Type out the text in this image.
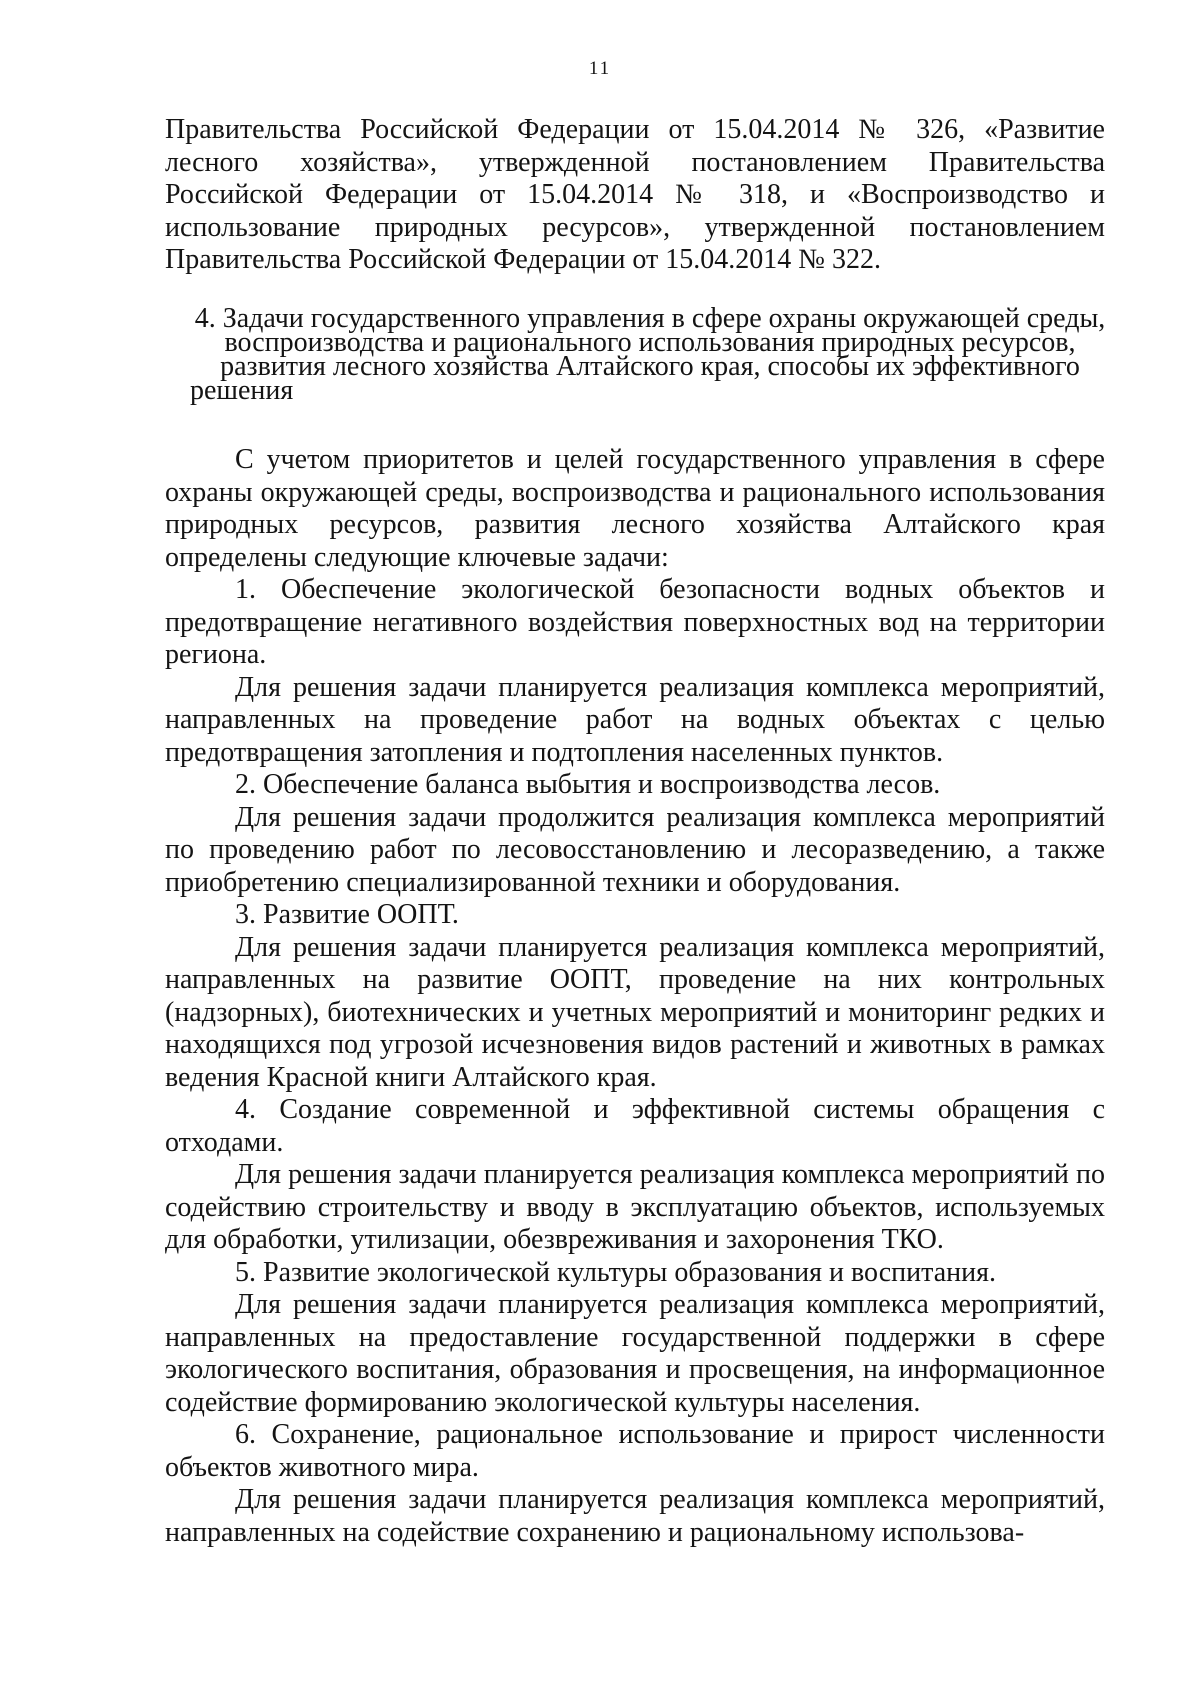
11

Правительства Российской Федерации от 15.04.2014 № 326, «Развитие лесного хозяйства», утвержденной постановлением Правительства Российской Федерации от 15.04.2014 № 318, и «Воспроизводство и использование природных ресурсов», утвержденной постановлением Правительства Российской Федерации от 15.04.2014 № 322.

4. Задачи государственного управления в сфере охраны окружающей среды, воспроизводства и рационального использования природных ресурсов, развития лесного хозяйства Алтайского края, способы их эффективного решения

С учетом приоритетов и целей государственного управления в сфере охраны окружающей среды, воспроизводства и рационального использования природных ресурсов, развития лесного хозяйства Алтайского края определены следующие ключевые задачи:

1. Обеспечение экологической безопасности водных объектов и предотвращение негативного воздействия поверхностных вод на территории региона.

Для решения задачи планируется реализация комплекса мероприятий, направленных на проведение работ на водных объектах с целью предотвращения затопления и подтопления населенных пунктов.

2. Обеспечение баланса выбытия и воспроизводства лесов.

Для решения задачи продолжится реализация комплекса мероприятий по проведению работ по лесовосстановлению и лесоразведению, а также приобретению специализированной техники и оборудования.

3. Развитие ООПТ.

Для решения задачи планируется реализация комплекса мероприятий, направленных на развитие ООПТ, проведение на них контрольных (надзорных), биотехнических и учетных мероприятий и мониторинг редких и находящихся под угрозой исчезновения видов растений и животных в рамках ведения Красной книги Алтайского края.

4. Создание современной и эффективной системы обращения с отходами.

Для решения задачи планируется реализация комплекса мероприятий по содействию строительству и вводу в эксплуатацию объектов, используемых для обработки, утилизации, обезвреживания и захоронения ТКО.

5. Развитие экологической культуры образования и воспитания.

Для решения задачи планируется реализация комплекса мероприятий, направленных на предоставление государственной поддержки в сфере экологического воспитания, образования и просвещения, на информационное содействие формированию экологической культуры населения.

6. Сохранение, рациональное использование и прирост численности объектов животного мира.

Для решения задачи планируется реализация комплекса мероприятий, направленных на содействие сохранению и рациональному использова-
